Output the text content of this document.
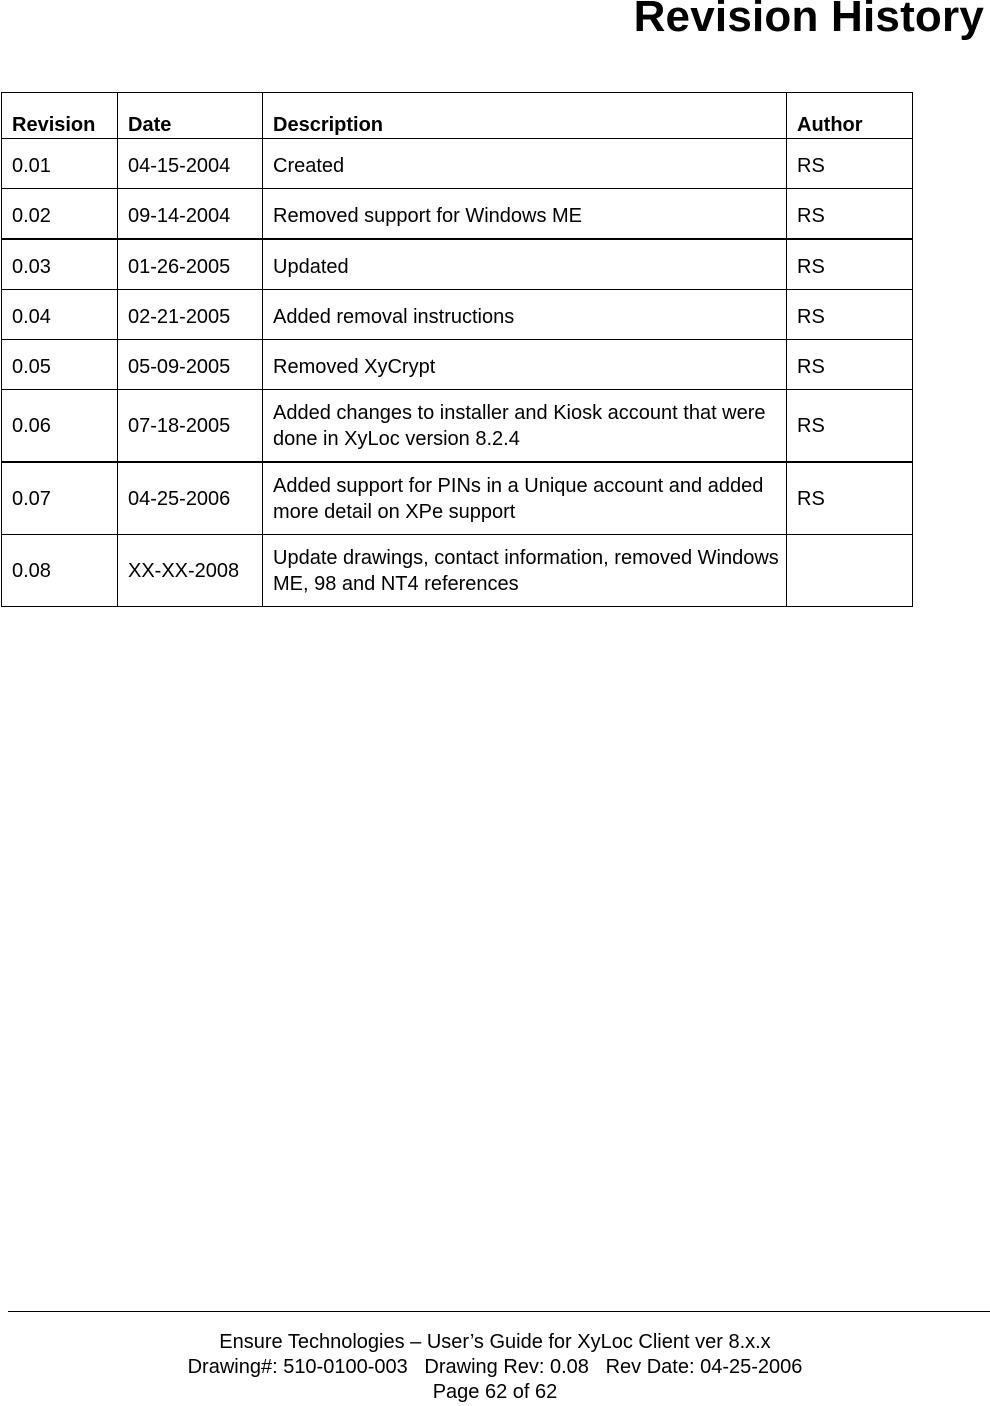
Revision History
Revision	Date	Description	Author
0.01	04-15-2004	Created	RS
0.02	09-14-2004	Removed support for Windows ME	RS
0.03	01-26-2005	Updated	RS
0.04	02-21-2005	Added removal instructions	RS
0.05	05-09-2005	Removed XyCrypt	RS
0.06	07-18-2005	Added changes to installer and Kiosk account that were done in XyLoc version 8.2.4	RS
0.07	04-25-2006	Added support for PINs in a Unique account and added more detail on XPe support	RS
0.08	XX-XX-2008	Update drawings, contact information, removed Windows ME, 98 and NT4 references	
Ensure Technologies – User’s Guide for XyLoc Client ver 8.x.x
Drawing#: 510-0100-003   Drawing Rev: 0.08   Rev Date: 04-25-2006
Page 62 of 62
